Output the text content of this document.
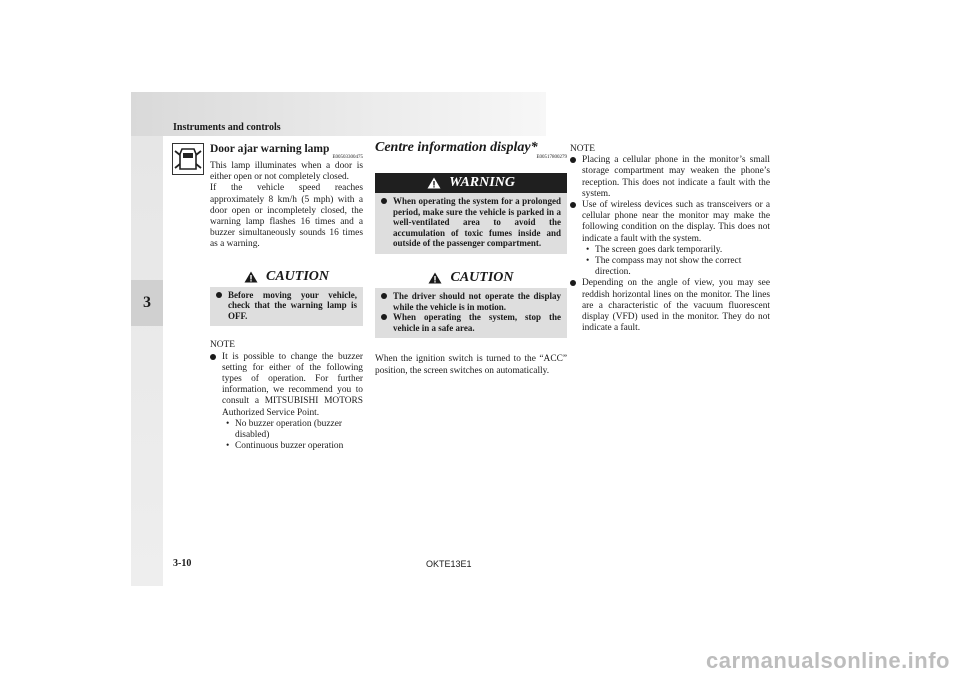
Instruments and controls
3
Door ajar warning lamp
E00503300475

This lamp illuminates when a door is either open or not completely closed.

If the vehicle speed reaches approximately 8 km/h (5 mph) with a door open or incompletely closed, the warning lamp flashes 16 times and a buzzer simultaneously sounds 16 times as a warning.

CAUTION
Before moving your vehicle, check that the warning lamp is OFF.
NOTE
It is possible to change the buzzer setting for either of the following types of operation. For further information, we recommend you to consult a MITSUBISHI MOTORS Authorized Service Point.
• No buzzer operation (buzzer disabled)
• Continuous buzzer operation
Centre information display*
E00517800279
WARNING
When operating the system for a prolonged period, make sure the vehicle is parked in a well-ventilated area to avoid the accumulation of toxic fumes inside and outside of the passenger compartment.
CAUTION
The driver should not operate the display while the vehicle is in motion.
When operating the system, stop the vehicle in a safe area.

When the ignition switch is turned to the “ACC” position, the screen switches on automatically.

NOTE
Placing a cellular phone in the monitor’s small storage compartment may weaken the phone’s reception. This does not indicate a fault with the system.
Use of wireless devices such as transceivers or a cellular phone near the monitor may make the following condition on the display. This does not indicate a fault with the system.
• The screen goes dark temporarily.
• The compass may not show the correct direction.
Depending on the angle of view, you may see reddish horizontal lines on the monitor. The lines are a characteristic of the vacuum fluorescent display (VFD) used in the monitor. They do not indicate a fault.
3-10	OKTE13E1
carmanualsonline.info
